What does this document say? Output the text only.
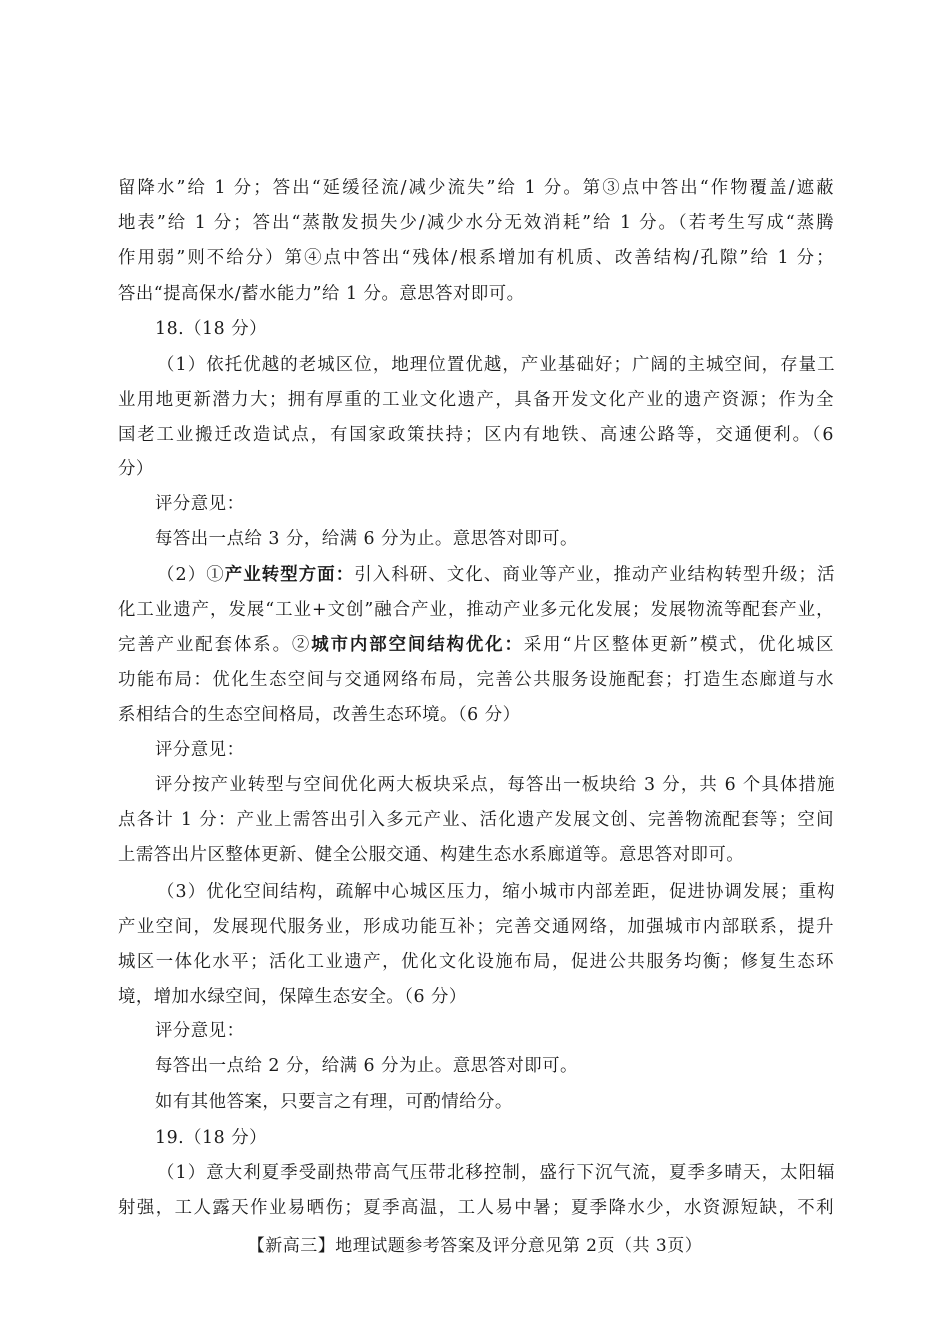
留降水”给 1 分；答出“延缓径流/减少流失”给 1 分。第③点中答出“作物覆盖/遮蔽
地表”给 1 分；答出“蒸散发损失少/减少水分无效消耗”给 1 分。（若考生写成“蒸腾
作用弱”则不给分）第④点中答出“残体/根系增加有机质、改善结构/孔隙”给 1 分；
答出“提高保水/蓄水能力”给 1 分。意思答对即可。
18.（18 分）
（1）依托优越的老城区位，地理位置优越，产业基础好；广阔的主城空间，存量工
业用地更新潜力大；拥有厚重的工业文化遗产，具备开发文化产业的遗产资源；作为全
国老工业搬迁改造试点，有国家政策扶持；区内有地铁、高速公路等，交通便利。（6
分）
评分意见：
每答出一点给 3 分，给满 6 分为止。意思答对即可。
（2）①产业转型方面：引入科研、文化、商业等产业，推动产业结构转型升级；活
化工业遗产，发展“工业+文创”融合产业，推动产业多元化发展；发展物流等配套产业，
完善产业配套体系。②城市内部空间结构优化：采用“片区整体更新”模式，优化城区
功能布局：优化生态空间与交通网络布局，完善公共服务设施配套；打造生态廊道与水
系相结合的生态空间格局，改善生态环境。（6 分）
评分意见：
评分按产业转型与空间优化两大板块采点，每答出一板块给 3 分，共 6 个具体措施
点各计 1 分：产业上需答出引入多元产业、活化遗产发展文创、完善物流配套等；空间
上需答出片区整体更新、健全公服交通、构建生态水系廊道等。意思答对即可。
（3）优化空间结构，疏解中心城区压力，缩小城市内部差距，促进协调发展；重构
产业空间，发展现代服务业，形成功能互补；完善交通网络，加强城市内部联系，提升
城区一体化水平；活化工业遗产，优化文化设施布局，促进公共服务均衡；修复生态环
境，增加水绿空间，保障生态安全。（6 分）
评分意见：
每答出一点给 2 分，给满 6 分为止。意思答对即可。
如有其他答案，只要言之有理，可酌情给分。
19.（18 分）
（1）意大利夏季受副热带高气压带北移控制，盛行下沉气流，夏季多晴天，太阳辐
射强，工人露天作业易晒伤；夏季高温，工人易中暑；夏季降水少，水资源短缺，不利
【新高三】地理试题参考答案及评分意见第 2页（共 3页）
